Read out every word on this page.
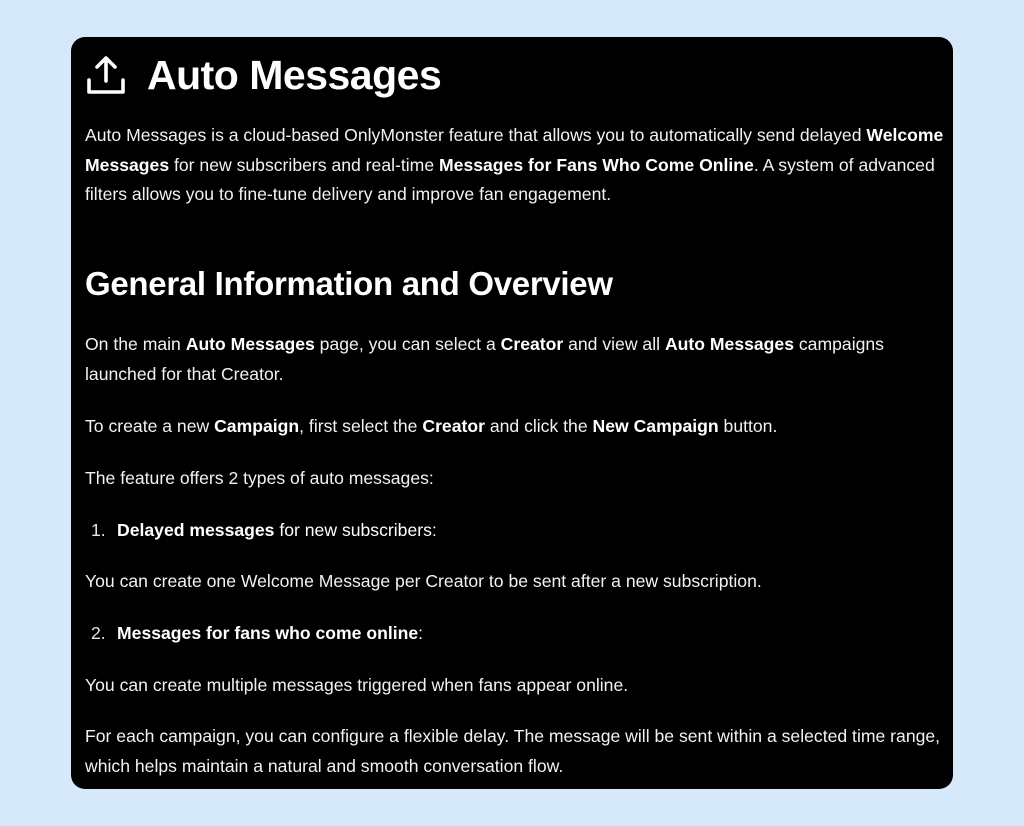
Auto Messages

Auto Messages is a cloud-based OnlyMonster feature that allows you to automatically send delayed Welcome Messages for new subscribers and real-time Messages for Fans Who Come Online. A system of advanced filters allows you to fine-tune delivery and improve fan engagement.

General Information and Overview

On the main Auto Messages page, you can select a Creator and view all Auto Messages campaigns launched for that Creator.

To create a new Campaign, first select the Creator and click the New Campaign button.

The feature offers 2 types of auto messages:

1. Delayed messages for new subscribers:

You can create one Welcome Message per Creator to be sent after a new subscription.

2. Messages for fans who come online:

You can create multiple messages triggered when fans appear online.

For each campaign, you can configure a flexible delay. The message will be sent within a selected time range, which helps maintain a natural and smooth conversation flow.
